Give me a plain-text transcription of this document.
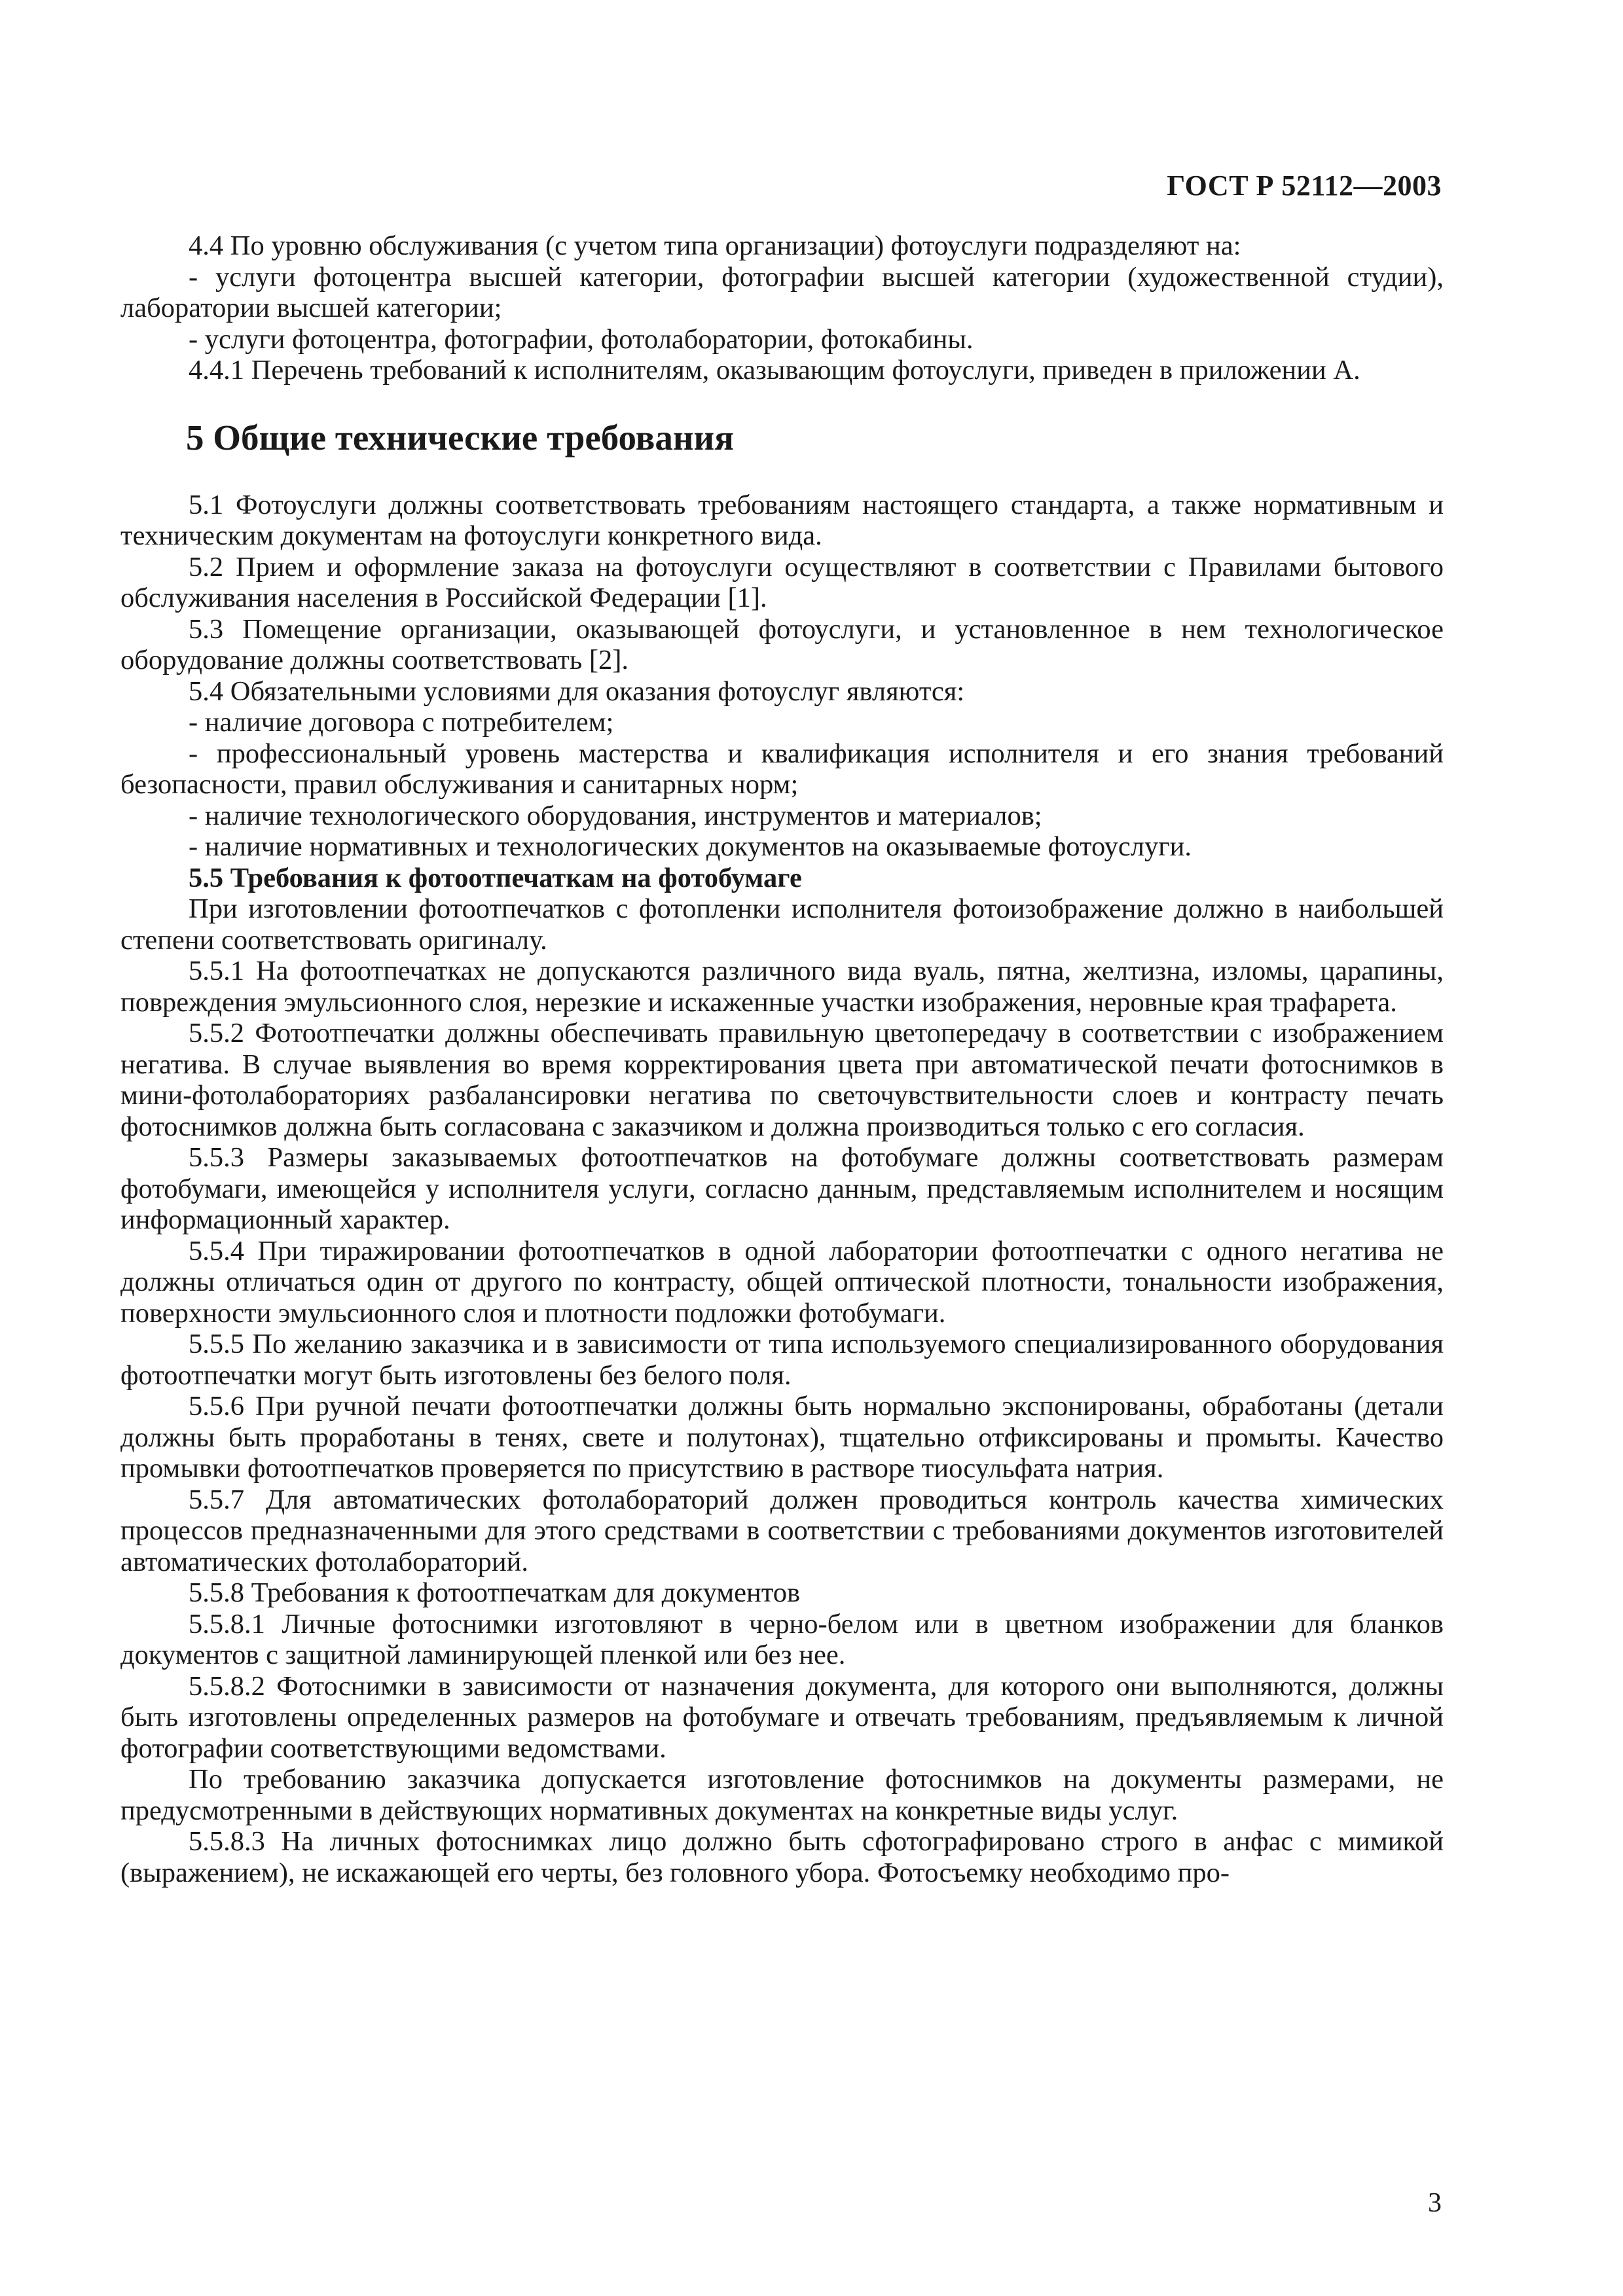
ГОСТ Р 52112—2003

4.4 По уровню обслуживания (с учетом типа организации) фотоуслуги подразделяют на:

- услуги фотоцентра высшей категории, фотографии высшей категории (художественной студии), лаборатории высшей категории;

- услуги фотоцентра, фотографии, фотолаборатории, фотокабины.

4.4.1 Перечень требований к исполнителям, оказывающим фотоуслуги, приведен в приложении А.

5 Общие технические требования

5.1 Фотоуслуги должны соответствовать требованиям настоящего стандарта, а также нормативным и техническим документам на фотоуслуги конкретного вида.

5.2 Прием и оформление заказа на фотоуслуги осуществляют в соответствии с Правилами бытового обслуживания населения в Российской Федерации [1].

5.3 Помещение организации, оказывающей фотоуслуги, и установленное в нем технологическое оборудование должны соответствовать [2].

5.4 Обязательными условиями для оказания фотоуслуг являются:

- наличие договора с потребителем;

- профессиональный уровень мастерства и квалификация исполнителя и его знания требований безопасности, правил обслуживания и санитарных норм;

- наличие технологического оборудования, инструментов и материалов;

- наличие нормативных и технологических документов на оказываемые фотоуслуги.

5.5 Требования к фотоотпечаткам на фотобумаге

При изготовлении фотоотпечатков с фотопленки исполнителя фотоизображение должно в наибольшей степени соответствовать оригиналу.

5.5.1 На фотоотпечатках не допускаются различного вида вуаль, пятна, желтизна, изломы, царапины, повреждения эмульсионного слоя, нерезкие и искаженные участки изображения, неровные края трафарета.

5.5.2 Фотоотпечатки должны обеспечивать правильную цветопередачу в соответствии с изображением негатива. В случае выявления во время корректирования цвета при автоматической печати фотоснимков в мини-фотолабораториях разбалансировки негатива по светочувствительности слоев и контрасту печать фотоснимков должна быть согласована с заказчиком и должна производиться только с его согласия.

5.5.3 Размеры заказываемых фотоотпечатков на фотобумаге должны соответствовать размерам фотобумаги, имеющейся у исполнителя услуги, согласно данным, представляемым исполнителем и носящим информационный характер.

5.5.4 При тиражировании фотоотпечатков в одной лаборатории фотоотпечатки с одного негатива не должны отличаться один от другого по контрасту, общей оптической плотности, тональности изображения, поверхности эмульсионного слоя и плотности подложки фотобумаги.

5.5.5 По желанию заказчика и в зависимости от типа используемого специализированного оборудования фотоотпечатки могут быть изготовлены без белого поля.

5.5.6 При ручной печати фотоотпечатки должны быть нормально экспонированы, обработаны (детали должны быть проработаны в тенях, свете и полутонах), тщательно отфиксированы и промыты. Качество промывки фотоотпечатков проверяется по присутствию в растворе тиосульфата натрия.

5.5.7 Для автоматических фотолабораторий должен проводиться контроль качества химических процессов предназначенными для этого средствами в соответствии с требованиями документов изготовителей автоматических фотолабораторий.

5.5.8 Требования к фотоотпечаткам для документов

5.5.8.1 Личные фотоснимки изготовляют в черно-белом или в цветном изображении для бланков документов с защитной ламинирующей пленкой или без нее.

5.5.8.2 Фотоснимки в зависимости от назначения документа, для которого они выполняются, должны быть изготовлены определенных размеров на фотобумаге и отвечать требованиям, предъявляемым к личной фотографии соответствующими ведомствами.

По требованию заказчика допускается изготовление фотоснимков на документы размерами, не предусмотренными в действующих нормативных документах на конкретные виды услуг.

5.5.8.3 На личных фотоснимках лицо должно быть сфотографировано строго в анфас с мимикой (выражением), не искажающей его черты, без головного убора. Фотосъемку необходимо про-

3
